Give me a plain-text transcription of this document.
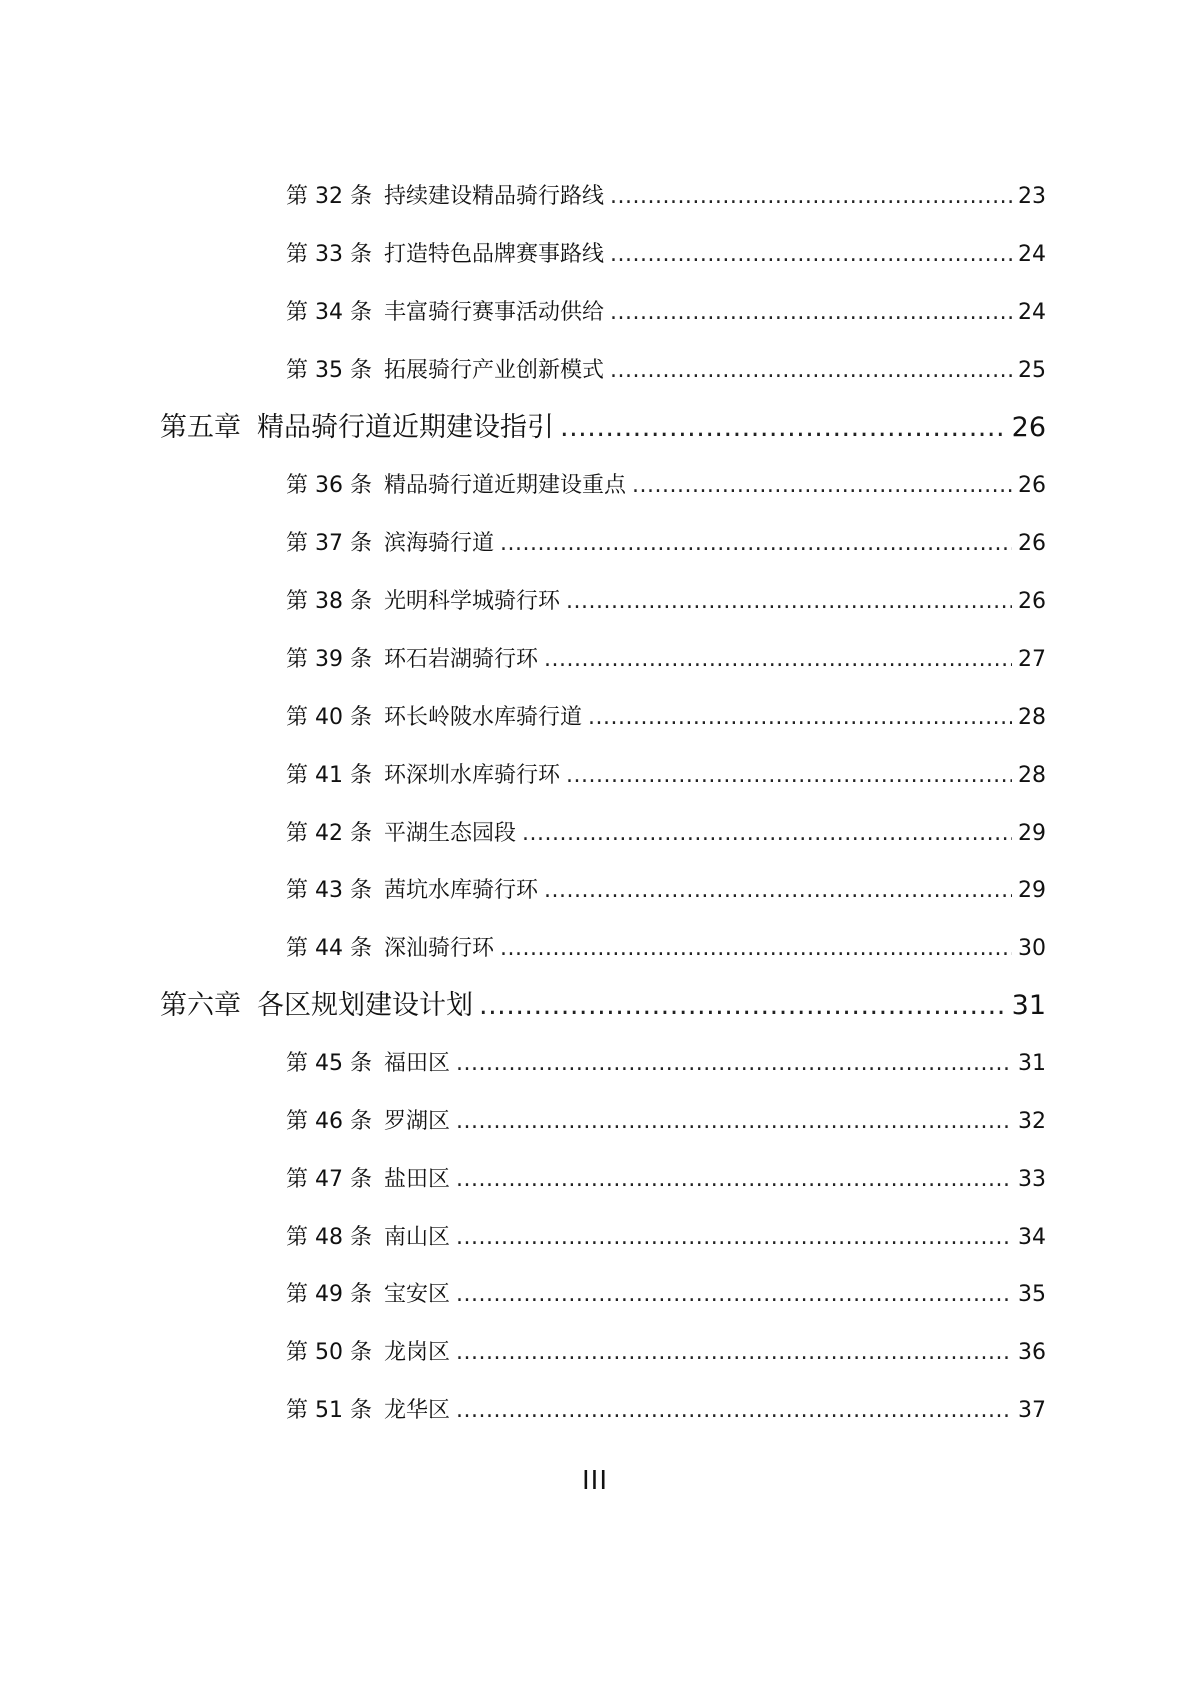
第 32 条 持续建设精品骑行路线 .....	23
第 33 条 打造特色品牌赛事路线 .....	24
第 34 条 丰富骑行赛事活动供给 .....	24
第 35 条 拓展骑行产业创新模式 .....	25
第五章 精品骑行道近期建设指引 .....	26
第 36 条 精品骑行道近期建设重点 .....	26
第 37 条 滨海骑行道 .....	26
第 38 条 光明科学城骑行环 .....	26
第 39 条 环石岩湖骑行环 .....	27
第 40 条 环长岭陂水库骑行道 .....	28
第 41 条 环深圳水库骑行环 .....	28
第 42 条 平湖生态园段 .....	29
第 43 条 茜坑水库骑行环 .....	29
第 44 条 深汕骑行环 .....	30
第六章 各区规划建设计划 .....	31
第 45 条 福田区 .....	31
第 46 条 罗湖区 .....	32
第 47 条 盐田区 .....	33
第 48 条 南山区 .....	34
第 49 条 宝安区 .....	35
第 50 条 龙岗区 .....	36
第 51 条 龙华区 .....	37
III
